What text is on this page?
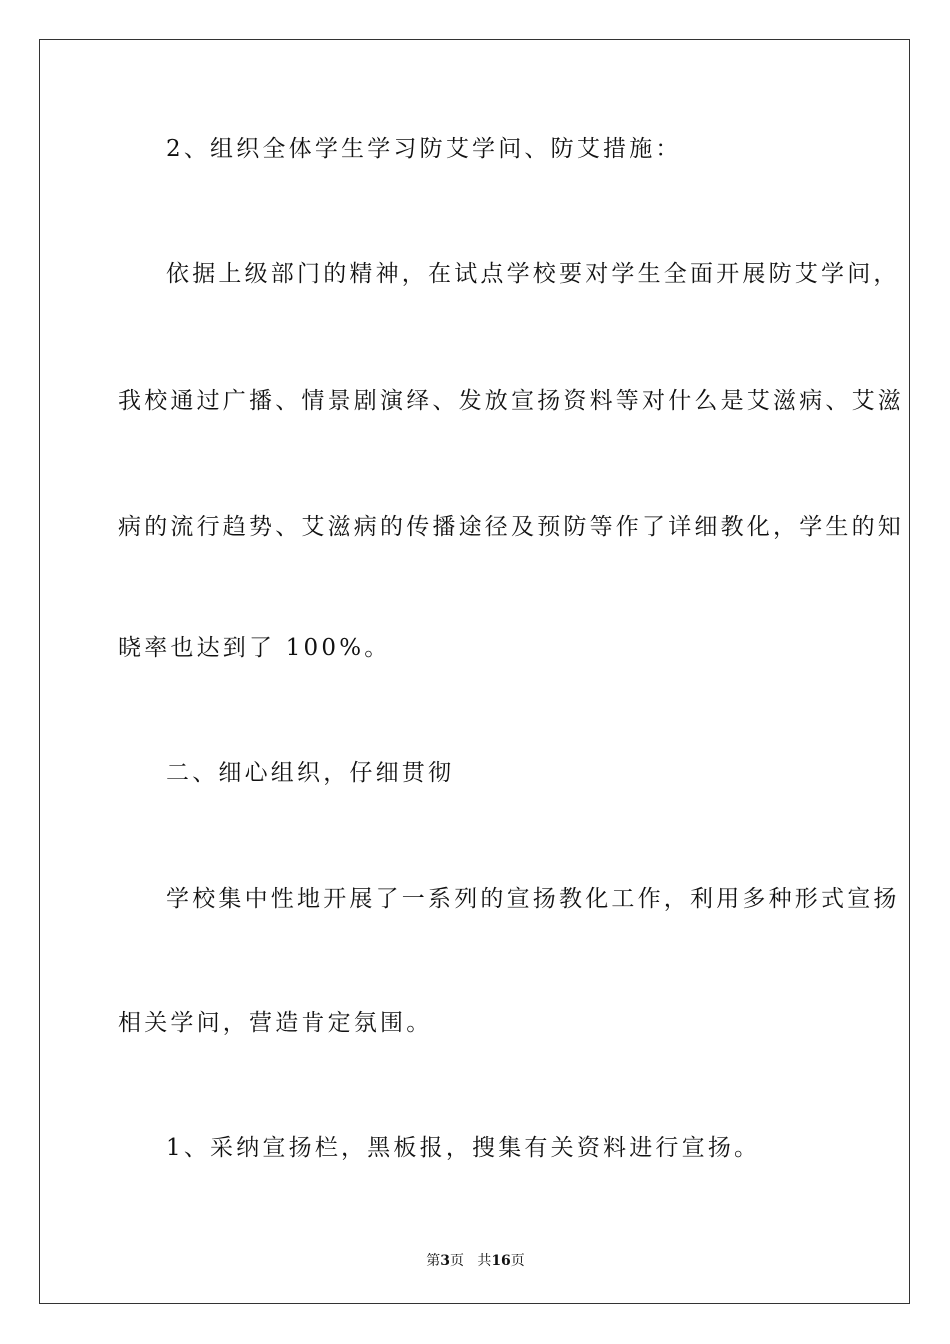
2、组织全体学生学习防艾学问、防艾措施：
依据上级部门的精神，在试点学校要对学生全面开展防艾学问，
我校通过广播、情景剧演绎、发放宣扬资料等对什么是艾滋病、艾滋
病的流行趋势、艾滋病的传播途径及预防等作了详细教化，学生的知
晓率也达到了 100%。
二、细心组织，仔细贯彻
学校集中性地开展了一系列的宣扬教化工作，利用多种形式宣扬
相关学问，营造肯定氛围。
1、采纳宣扬栏，黑板报，搜集有关资料进行宣扬。
第3页 共16页
